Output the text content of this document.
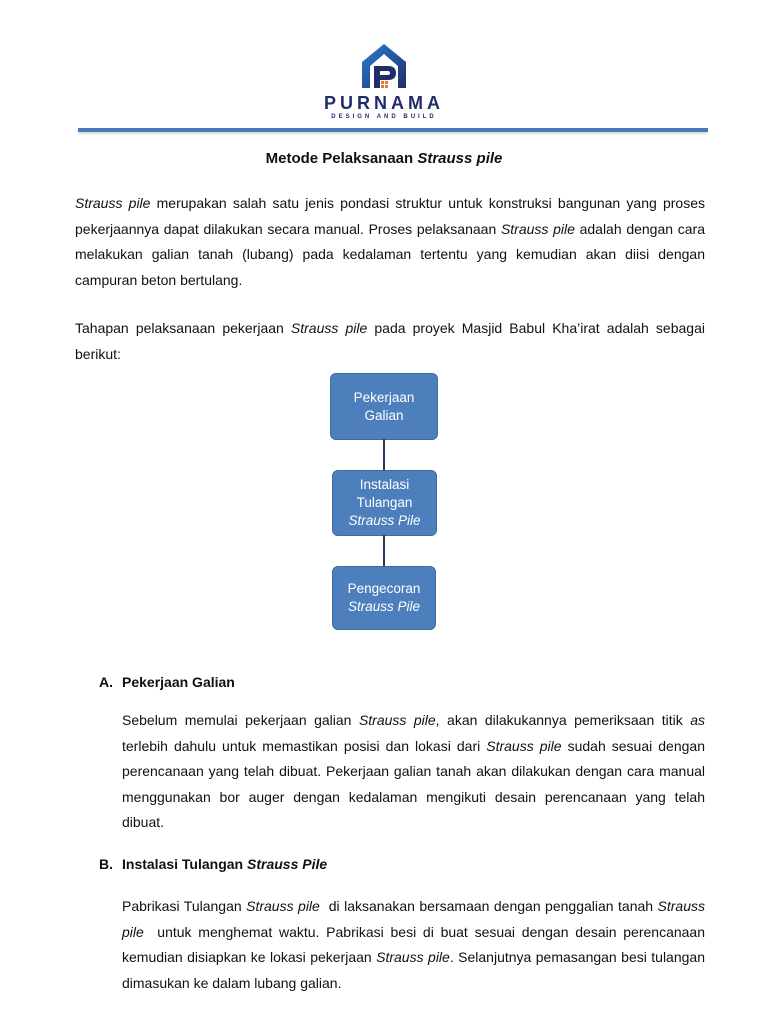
PURNAMA
DESIGN AND BUILD
Metode Pelaksanaan Strauss pile
Strauss pile merupakan salah satu jenis pondasi struktur untuk konstruksi bangunan yang proses pekerjaannya dapat dilakukan secara manual. Proses pelaksanaan Strauss pile adalah dengan cara melakukan galian tanah (lubang) pada kedalaman tertentu yang kemudian akan diisi dengan campuran beton bertulang.
Tahapan pelaksanaan pekerjaan Strauss pile pada proyek Masjid Babul Kha’irat adalah sebagai berikut:
Pekerjaan
Galian
Instalasi
Tulangan
Strauss Pile
Pengecoran
Strauss Pile
A. Pekerjaan Galian
Sebelum memulai pekerjaan galian Strauss pile, akan dilakukannya pemeriksaan titik as terlebih dahulu untuk memastikan posisi dan lokasi dari Strauss pile sudah sesuai dengan perencanaan yang telah dibuat. Pekerjaan galian tanah akan dilakukan dengan cara manual menggunakan bor auger dengan kedalaman mengikuti desain perencanaan yang telah dibuat.
B. Instalasi Tulangan Strauss Pile
Pabrikasi Tulangan Strauss pile  di laksanakan bersamaan dengan penggalian tanah Strauss pile  untuk menghemat waktu. Pabrikasi besi di buat sesuai dengan desain perencanaan kemudian disiapkan ke lokasi pekerjaan Strauss pile. Selanjutnya pemasangan besi tulangan dimasukan ke dalam lubang galian.
